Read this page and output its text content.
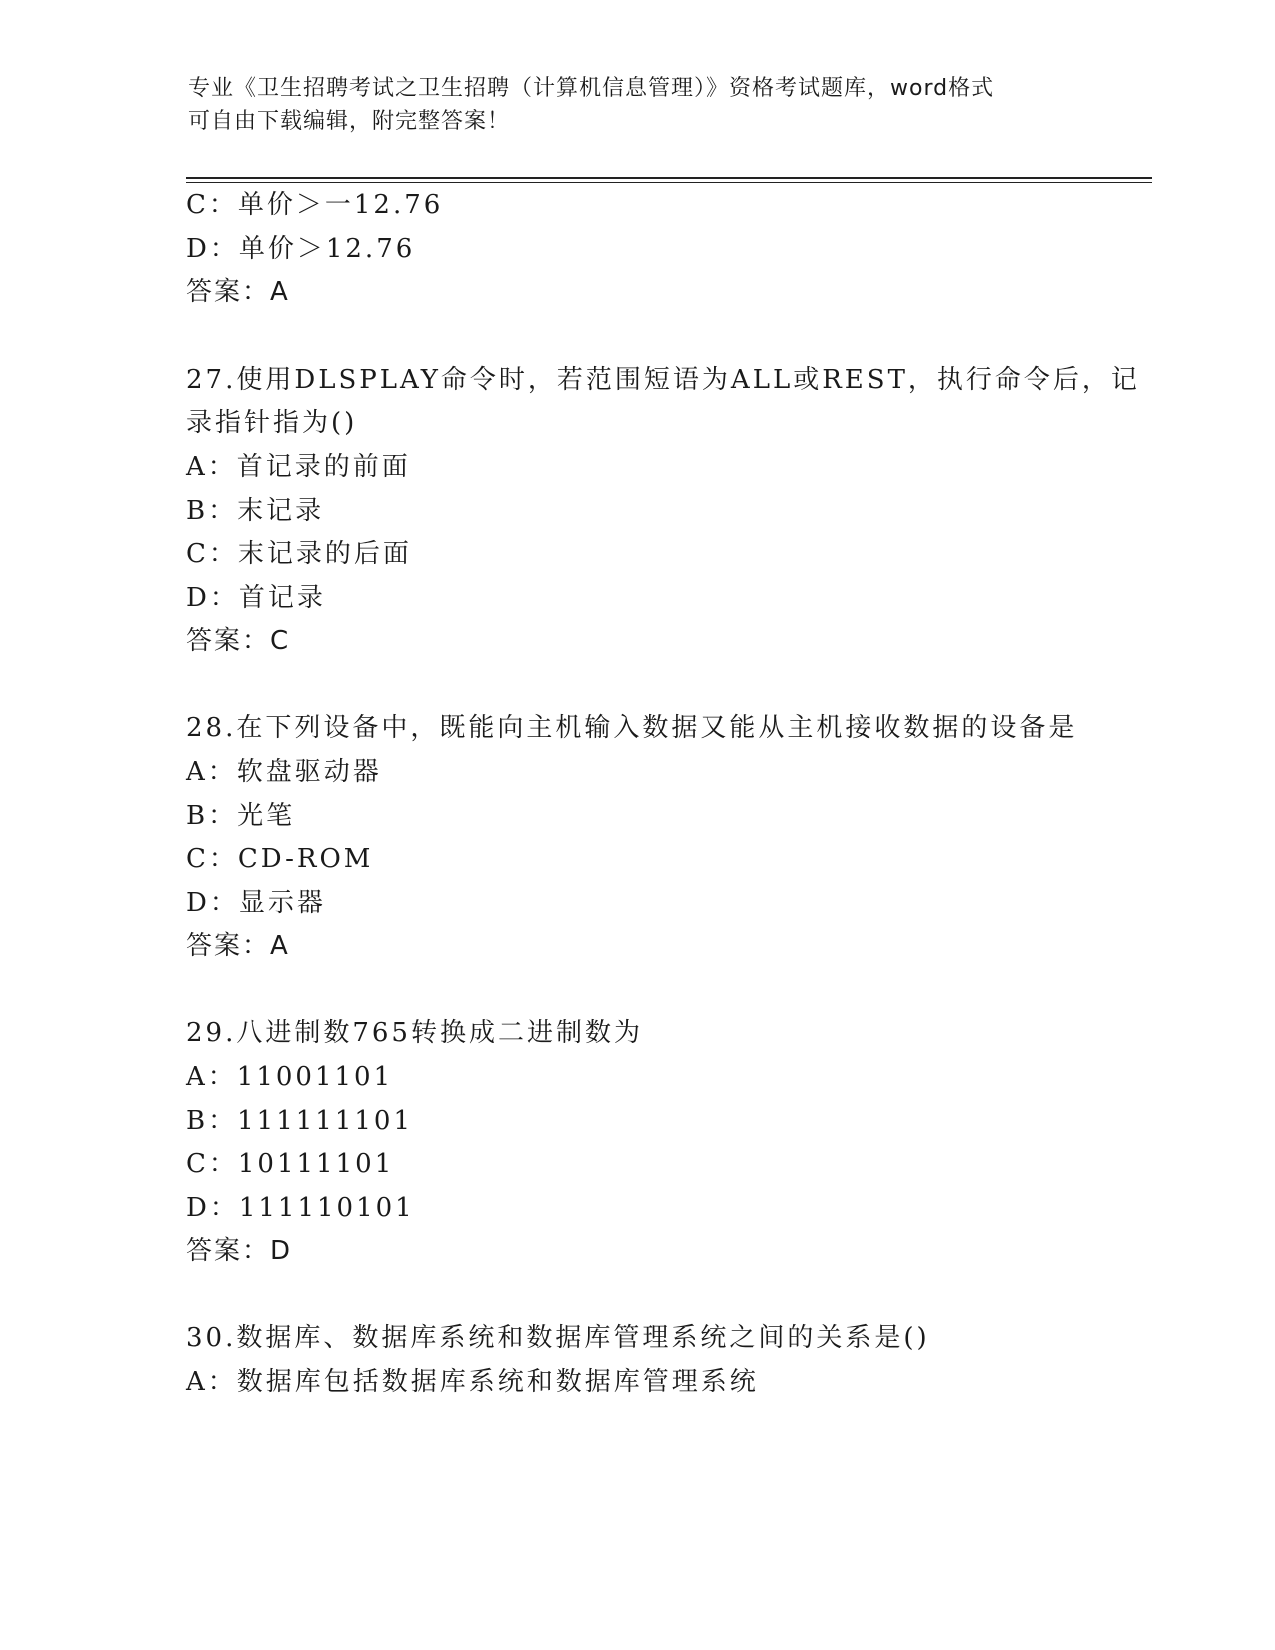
专业《卫生招聘考试之卫生招聘（计算机信息管理）》资格考试题库，word格式
可自由下载编辑，附完整答案！
C：单价＞一12.76
D：单价＞12.76
答案：A
27.使用DLSPLAY命令时，若范围短语为ALL或REST，执行命令后，记
录指针指为()
A：首记录的前面
B：末记录
C：末记录的后面
D：首记录
答案：C
28.在下列设备中，既能向主机输入数据又能从主机接收数据的设备是
A：软盘驱动器
B：光笔
C：CD-ROM
D：显示器
答案：A
29.八进制数765转换成二进制数为
A：11001101
B：111111101
C：10111101
D：111110101
答案：D
30.数据库、数据库系统和数据库管理系统之间的关系是()
A：数据库包括数据库系统和数据库管理系统
